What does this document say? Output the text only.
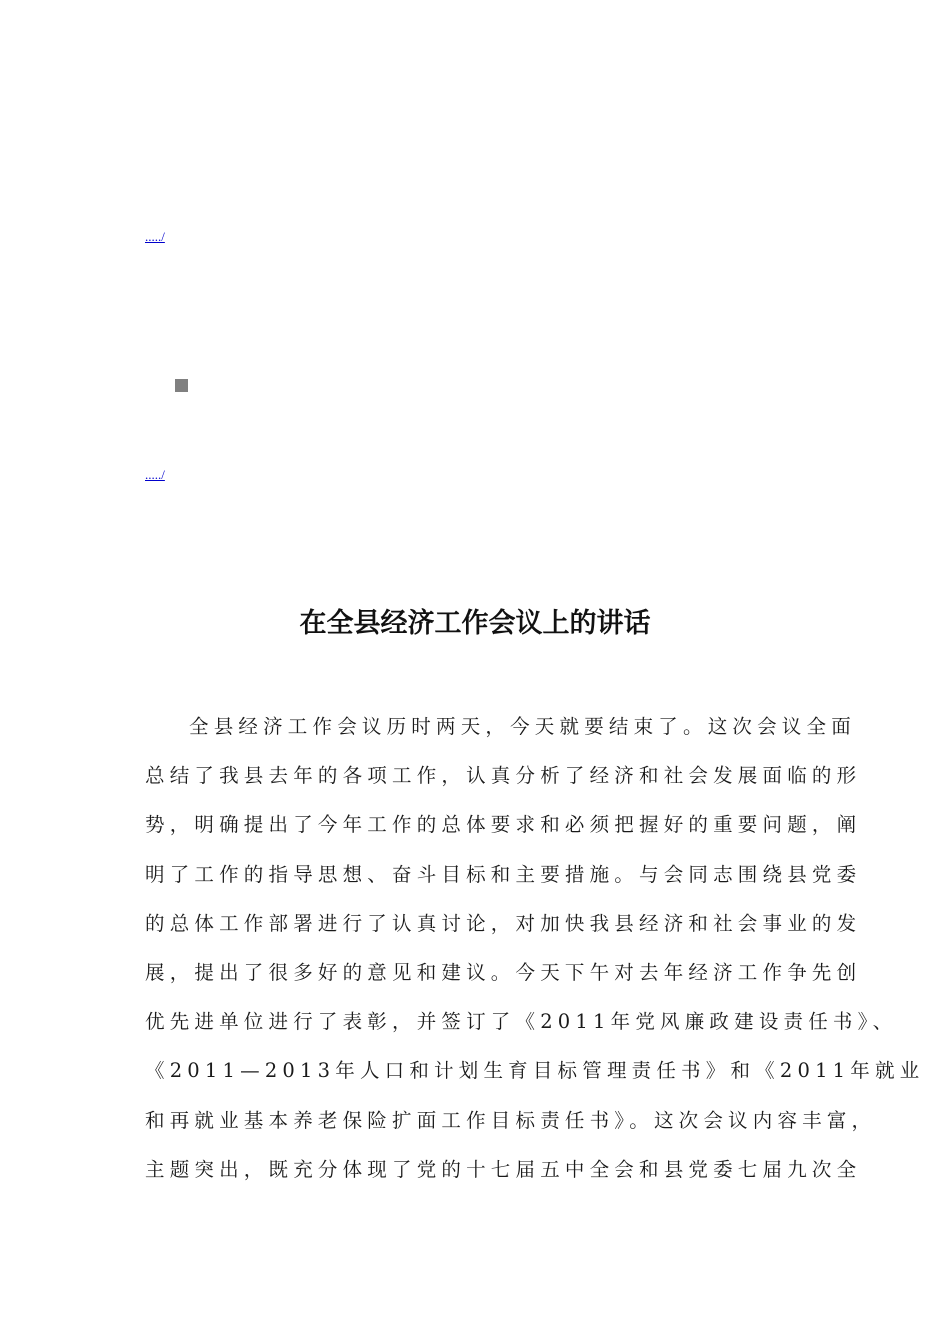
...../
...../
在全县经济工作会议上的讲话
全县经济工作会议历时两天，今天就要结束了。这次会议全面
总结了我县去年的各项工作，认真分析了经济和社会发展面临的形
势，明确提出了今年工作的总体要求和必须把握好的重要问题，阐
明了工作的指导思想、奋斗目标和主要措施。与会同志围绕县党委
的总体工作部署进行了认真讨论，对加快我县经济和社会事业的发
展，提出了很多好的意见和建议。今天下午对去年经济工作争先创
优先进单位进行了表彰，并签订了《2011年党风廉政建设责任书》、
《2011—2013年人口和计划生育目标管理责任书》和《2011年就业
和再就业基本养老保险扩面工作目标责任书》。这次会议内容丰富，
主题突出，既充分体现了党的十七届五中全会和县党委七届九次全
